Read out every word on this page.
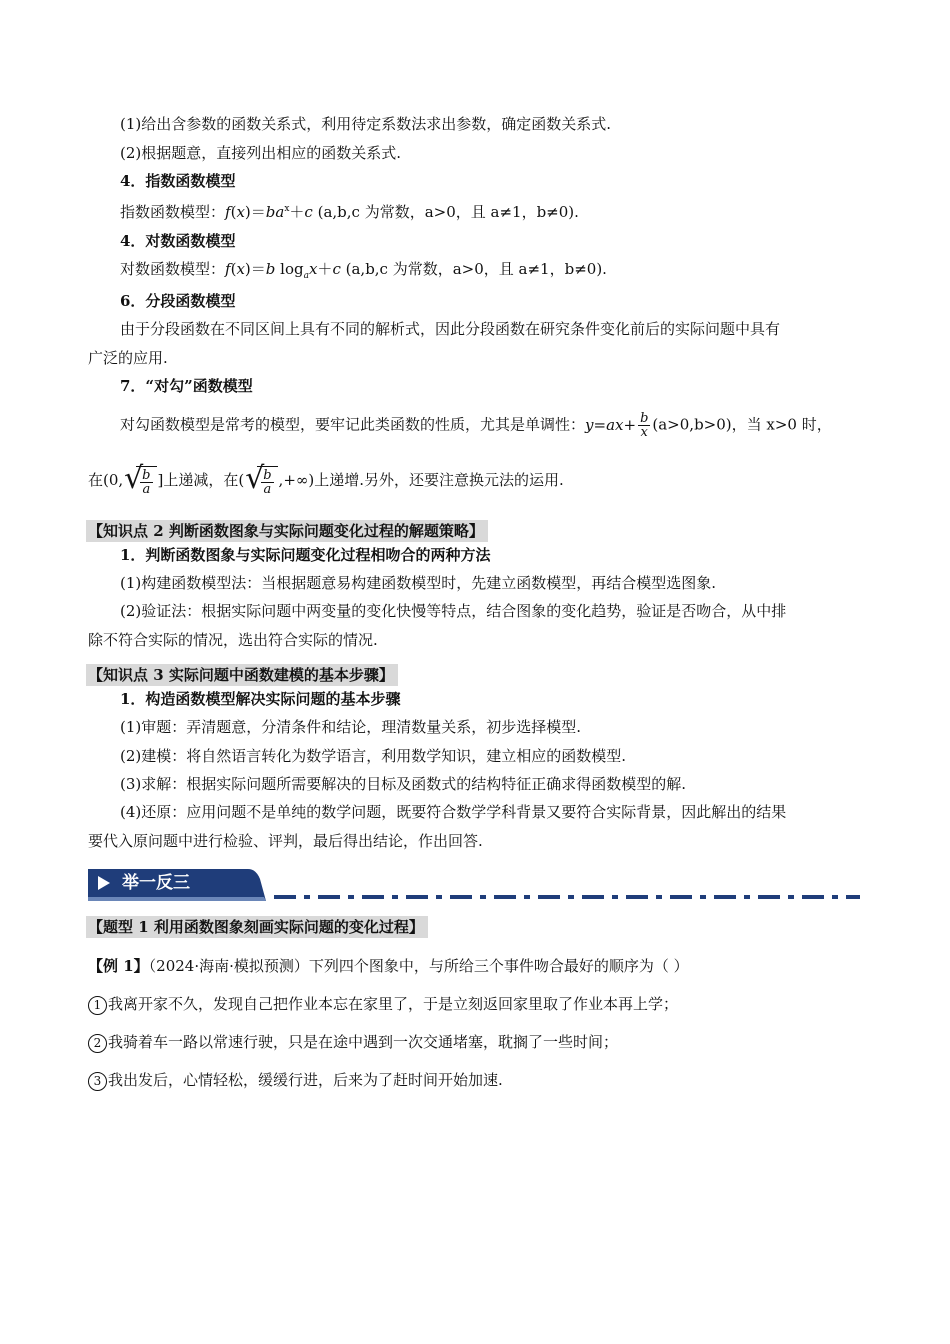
(1)给出含参数的函数关系式，利用待定系数法求出参数，确定函数关系式.
(2)根据题意，直接列出相应的函数关系式.
4．指数函数模型
指数函数模型：$f(x)=ba^x+c$ (a,b,c 为常数，a>0，且 a≠1，b≠0).
4．对数函数模型
对数函数模型：f(x)＝b $\log_ax+c$ (a,b,c 为常数，a>0，且 a≠1，b≠0).
6．分段函数模型
由于分段函数在不同区间上具有不同的解析式，因此分段函数在研究条件变化前后的实际问题中具有
广泛的应用.
7．“对勾”函数模型
对勾函数模型是常考的模型，要牢记此类函数的性质，尤其是单调性：$y=ax+ \frac{b}{x} (a>0,b>0)$，当 x>0 时，
在(0, √
$\frac{b}{a}$ ]上递减，在( √
$\frac{b}{a}$ ,+∞)上递增.另外，还要注意换元法的运用.
【知识点 2 判断函数图象与实际问题变化过程的解题策略】
1．判断函数图象与实际问题变化过程相吻合的两种方法
(1)构建函数模型法：当根据题意易构建函数模型时，先建立函数模型，再结合模型选图象.
(2)验证法：根据实际问题中两变量的变化快慢等特点，结合图象的变化趋势，验证是否吻合，从中排
除不符合实际的情况，选出符合实际的情况.
【知识点 3 实际问题中函数建模的基本步骤】
1．构造函数模型解决实际问题的基本步骤
(1)审题：弄清题意，分清条件和结论，理清数量关系，初步选择模型.
(2)建模：将自然语言转化为数学语言，利用数学知识，建立相应的函数模型.
(3)求解：根据实际问题所需要解决的目标及函数式的结构特征正确求得函数模型的解.
(4)还原：应用问题不是单纯的数学问题，既要符合数学学科背景又要符合实际背景，因此解出的结果
要代入原问题中进行检验、评判，最后得出结论，作出回答.
举一反三
【题型 1 利用函数图象刻画实际问题的变化过程】
【例 1】（2024·海南·模拟预测）下列四个图象中，与所给三个事件吻合最好的顺序为（ ）
1 我离开家不久，发现自己把作业本忘在家里了，于是立刻返回家里取了作业本再上学；
2 我骑着车一路以常速行驶，只是在途中遇到一次交通堵塞，耽搁了一些时间；
3 我出发后，心情轻松，缓缓行进，后来为了赶时间开始加速.
